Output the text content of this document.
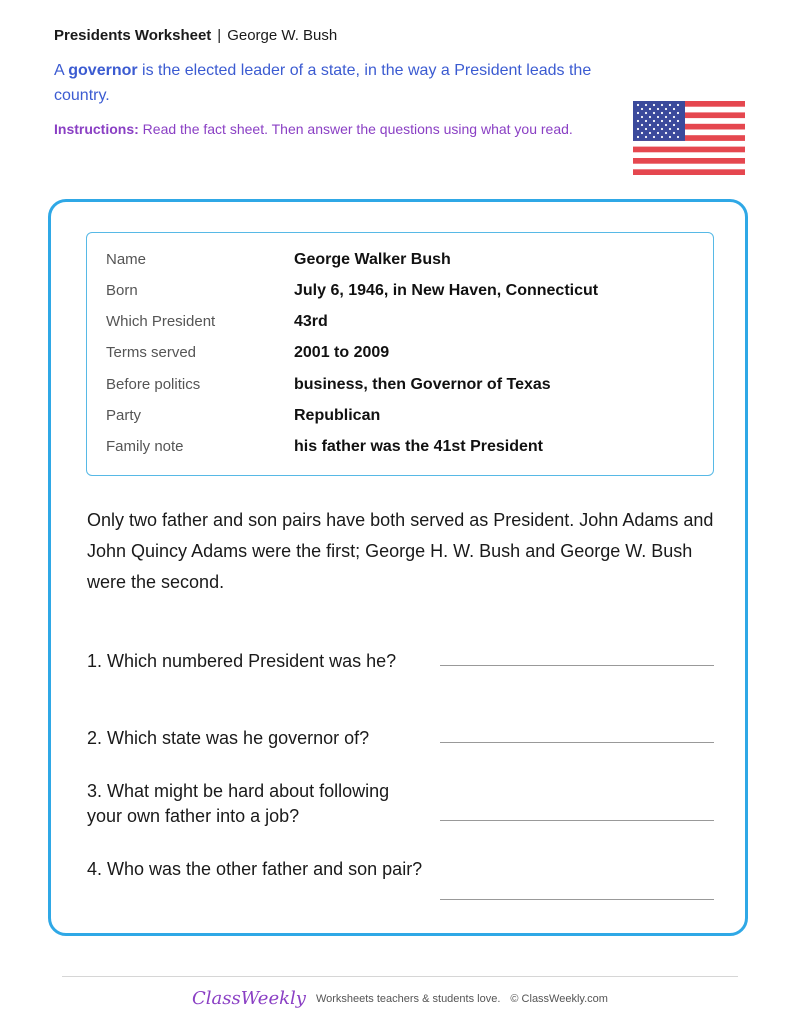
Presidents Worksheet | George W. Bush
A governor is the elected leader of a state, in the way a President leads the country.
Instructions: Read the fact sheet. Then answer the questions using what you read.
Name	George Walker Bush
Born	July 6, 1946, in New Haven, Connecticut
Which President	43rd
Terms served	2001 to 2009
Before politics	business, then Governor of Texas
Party	Republican
Family note	his father was the 41st President
Only two father and son pairs have both served as President. John Adams and John Quincy Adams were the first; George H. W. Bush and George W. Bush were the second.
1. Which numbered President was he?
2. Which state was he governor of?
3. What might be hard about following your own father into a job?
4. Who was the other father and son pair?
ClassWeekly Worksheets teachers & students love. © ClassWeekly.com
